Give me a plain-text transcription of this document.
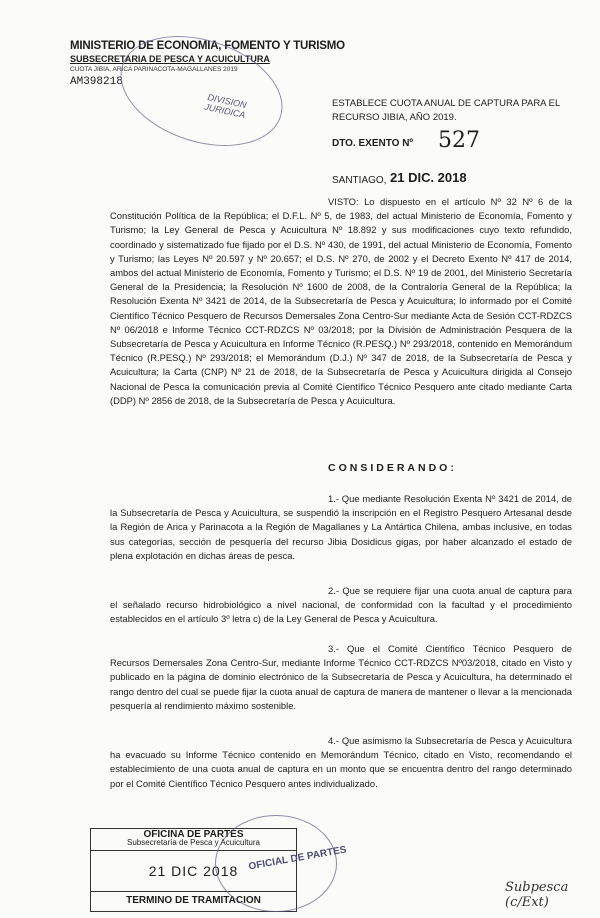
MINISTERIO DE ECONOMIA, FOMENTO Y TURISMO
SUBSECRETARIA DE PESCA Y ACUICULTURA
CUOTA JIBIA, ARICA PARINACOTA-MAGALLANES 2019
AM398218
DIVISION JURIDICA	ESTABLECE CUOTA ANUAL DE CAPTURA PARA EL RECURSO JIBIA, AÑO 2019.
DTO. EXENTO Nº 527
SANTIAGO, 21 DIC. 2018
VISTO: Lo dispuesto en el artículo Nº 32 Nº 6 de la Constitución Política de la República; el D.F.L. Nº 5, de 1983, del actual Ministerio de Economía, Fomento y Turismo; la Ley General de Pesca y Acuicultura Nº 18.892 y sus modificaciones cuyo texto refundido, coordinado y sistematizado fue fijado por el D.S. Nº 430, de 1991, del actual Ministerio de Economía, Fomento y Turismo; las Leyes Nº 20.597 y Nº 20.657; el D.S. Nº 270, de 2002 y el Decreto Exento Nº 417 de 2014, ambos del actual Ministerio de Economía, Fomento y Turismo; el D.S. Nº 19 de 2001, del Ministerio Secretaría General de la Presidencia; la Resolución Nº 1600 de 2008, de la Contraloría General de la República; la Resolución Exenta Nº 3421 de 2014, de la Subsecretaría de Pesca y Acuicultura; lo informado por el Comité Científico Técnico Pesquero de Recursos Demersales Zona Centro-Sur mediante Acta de Sesión CCT-RDZCS Nº 06/2018 e Informe Técnico CCT-RDZCS Nº 03/2018; por la División de Administración Pesquera de la Subsecretaría de Pesca y Acuicultura en Informe Técnico (R.PESQ.) Nº 293/2018, contenido en Memorándum Técnico (R.PESQ.) Nº 293/2018; el Memorándum (D.J.) Nº 347 de 2018, de la Subsecretaría de Pesca y Acuicultura; la Carta (CNP) Nº 21 de 2018, de la Subsecretaría de Pesca y Acuicultura dirigida al Consejo Nacional de Pesca la comunicación previa al Comité Científico Técnico Pesquero ante citado mediante Carta (DDP) Nº 2856 de 2018, de la Subsecretaría de Pesca y Acuicultura.
CONSIDERANDO:
1.- Que mediante Resolución Exenta Nº 3421 de 2014, de la Subsecretaría de Pesca y Acuicultura, se suspendió la inscripción en el Registro Pesquero Artesanal desde la Región de Arica y Parinacota a la Región de Magallanes y La Antártica Chilena, ambas inclusive, en todas sus categorías, sección de pesquería del recurso Jibia Dosidicus gigas, por haber alcanzado el estado de plena explotación en dichas áreas de pesca.
2.- Que se requiere fijar una cuota anual de captura para el señalado recurso hidrobiológico a nivel nacional, de conformidad con la facultad y el procedimiento establecidos en el artículo 3º letra c) de la Ley General de Pesca y Acuicultura.
3.- Que el Comité Científico Técnico Pesquero de Recursos Demersales Zona Centro-Sur, mediante Informe Técnico CCT-RDZCS Nº03/2018, citado en Visto y publicado en la página de dominio electrónico de la Subsecretaría de Pesca y Acuicultura, ha determinado el rango dentro del cual se puede fijar la cuota anual de captura de manera de mantener o llevar a la mencionada pesquería al rendimiento máximo sostenible.
4.- Que asimismo la Subsecretaría de Pesca y Acuicultura ha evacuado su Informe Técnico contenido en Memorándum Técnico, citado en Visto, recomendando el establecimiento de una cuota anual de captura en un monto que se encuentra dentro del rango determinado por el Comité Científico Técnico Pesquero antes individualizado.
OFICINA DE PARTES
Subsecretaría de Pesca y Acuicultura
21 DIC 2018
TERMINO DE TRAMITACION
OFICIAL DE PARTES
Subpesca (c/Ext)
